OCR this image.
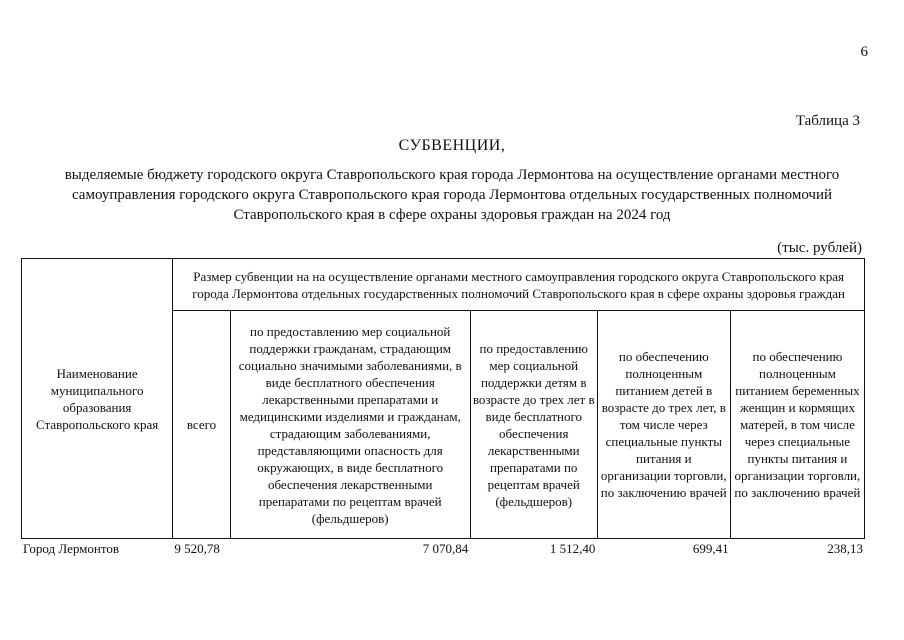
6
Таблица 3
СУБВЕНЦИИ,
выделяемые бюджету городского округа Ставропольского края города Лермонтова на осуществление органами местного
самоуправления городского округа Ставропольского края города Лермонтова отдельных государственных полномочий
Ставропольского края в сфере охраны здоровья граждан на 2024 год
(тыс. рублей)
Наименование муниципального образования Ставропольского края	Размер субвенции на на осуществление органами местного самоуправления городского округа Ставропольского края города Лермонтова отдельных государственных полномочий Ставропольского края в сфере охраны здоровья граждан				
	всего	по предоставлению мер социальной поддержки гражданам, страдающим социально значимыми заболеваниями, в виде бесплатного обеспечения лекарственными препаратами и медицинскими изделиями и гражданам, страдающим заболеваниями, представляющими опасность для окружающих, в виде бесплатного обеспечения лекарственными препаратами по рецептам врачей (фельдшеров)	по предоставлению мер социальной поддержки детям в возрасте до трех лет в виде бесплатного обеспечения лекарственными препаратами по рецептам врачей (фельдшеров)	по обеспечению полноценным питанием детей в возрасте до трех лет, в том числе через специальные пункты питания и организации торговли, по заключению врачей	по обеспечению полноценным питанием беременных женщин и кормящих матерей, в том числе через специальные пункты питания и организации торговли, по заключению врачей
Город Лермонтов	9 520,78	7 070,84	1 512,40	699,41	238,13
